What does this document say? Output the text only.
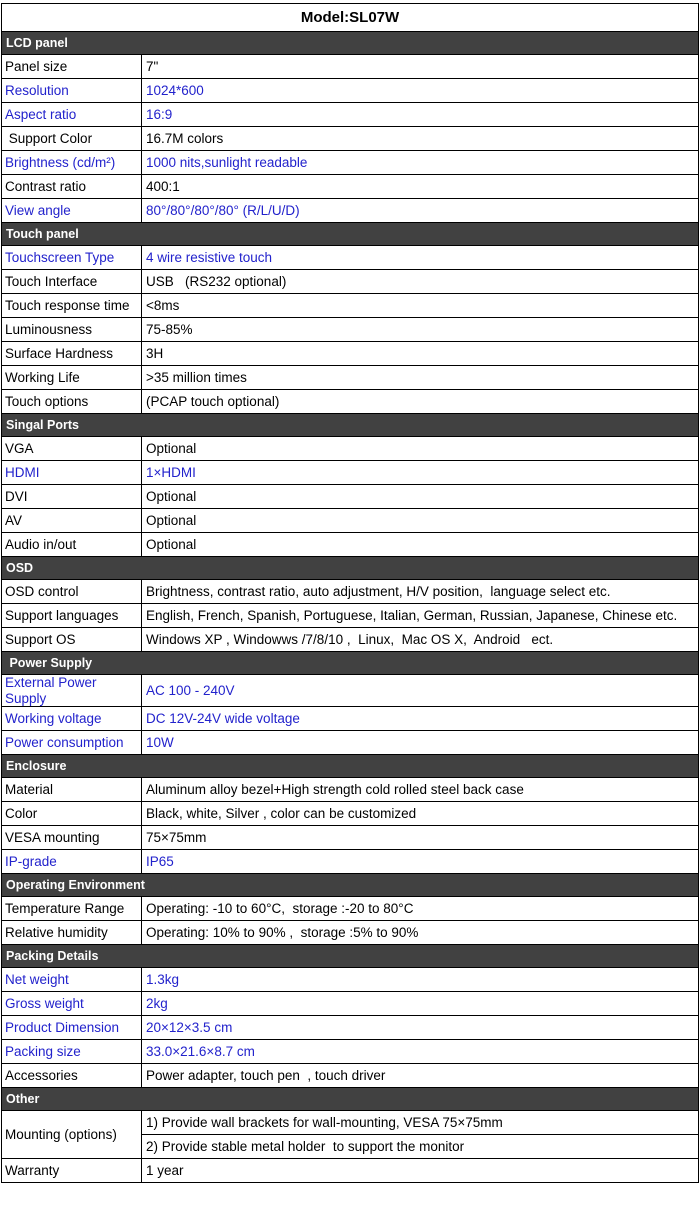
Model:SL07W	
LCD panel	
Panel size	7"
Resolution	1024*600
Aspect ratio	16:9
Support Color	16.7M colors
Brightness (cd/m²)	1000 nits,sunlight readable
Contrast ratio	400:1
View angle	80°/80°/80°/80° (R/L/U/D)
Touch panel	
Touchscreen Type	4 wire resistive touch
Touch Interface	USB   (RS232 optional)
Touch response time	<8ms
Luminousness	75-85%
Surface Hardness	3H
Working Life	>35 million times
Touch options	(PCAP touch optional)
Singal Ports	
VGA	Optional
HDMI	1×HDMI
DVI	Optional
AV	Optional
Audio in/out	Optional
OSD	
OSD control	Brightness, contrast ratio, auto adjustment, H/V position,  language select etc.
Support languages	English, French, Spanish, Portuguese, Italian, German, Russian, Japanese, Chinese etc.
Support OS	Windows XP , Windowws /7/8/10 ,  Linux,  Mac OS X,  Android   ect.
Power Supply	
External Power Supply	AC 100 - 240V
Working voltage	DC 12V-24V wide voltage
Power consumption	10W
Enclosure	
Material	Aluminum alloy bezel+High strength cold rolled steel back case
Color	Black, white, Silver , color can be customized
VESA mounting	75×75mm
IP-grade	IP65
Operating Environment	
Temperature Range	Operating: -10 to 60°C,  storage :-20 to 80°C
Relative humidity	Operating: 10% to 90% ,  storage :5% to 90%
Packing Details	
Net weight	1.3kg
Gross weight	2kg
Product Dimension	20×12×3.5 cm
Packing size	33.0×21.6×8.7 cm
Accessories	Power adapter, touch pen  , touch driver
Other	
Mounting (options)	1) Provide wall brackets for wall-mounting, VESA 75×75mm
	2) Provide stable metal holder  to support the monitor
Warranty	1 year
